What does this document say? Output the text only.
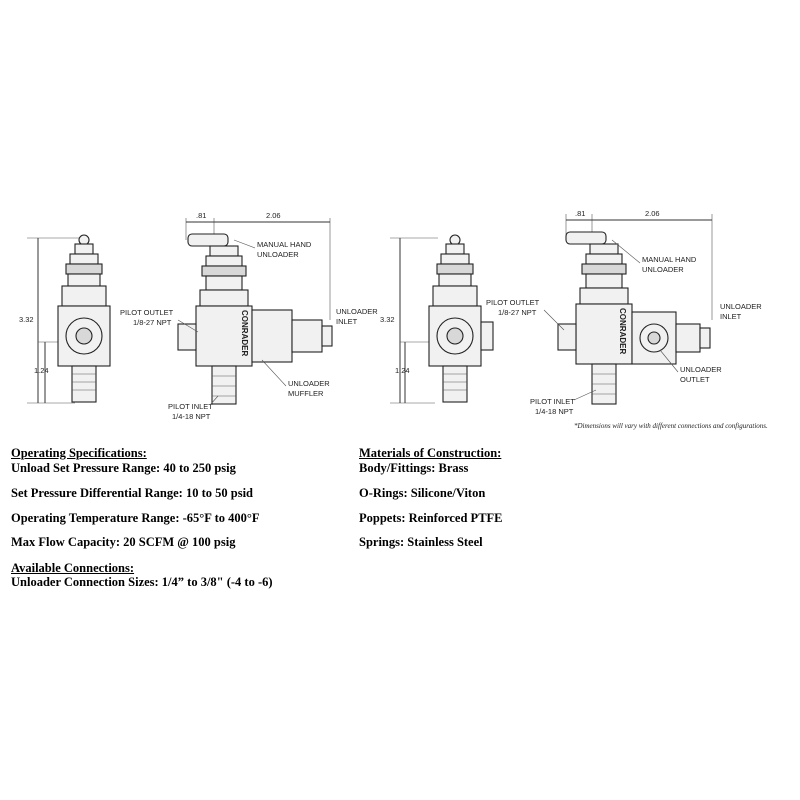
3.32
1.24
.81	2.06
CONRADER
MANUAL HAND
UNLOADER
PILOT OUTLET
1/8-27 NPT
UNLOADER
INLET
UNLOADER
MUFFLER
PILOT INLET
1/4-18 NPT
3.32
1.24
.81	2.06
CONRADER
MANUAL HAND
UNLOADER
PILOT OUTLET
1/8-27 NPT
UNLOADER
INLET
UNLOADER
OUTLET
PILOT INLET
1/4-18 NPT
*Dimensions will vary with different connections and configurations.
Operating Specifications:
Unload Set Pressure Range: 40 to 250 psig
Set Pressure Differential Range: 10 to 50 psid
Operating Temperature Range: -65°F to 400°F
Max Flow Capacity: 20 SCFM @ 100 psig
Available Connections:
Unloader Connection Sizes: 1/4” to 3/8" (-4 to -6)
Materials of Construction:
Body/Fittings: Brass
O-Rings: Silicone/Viton
Poppets: Reinforced PTFE
Springs: Stainless Steel
